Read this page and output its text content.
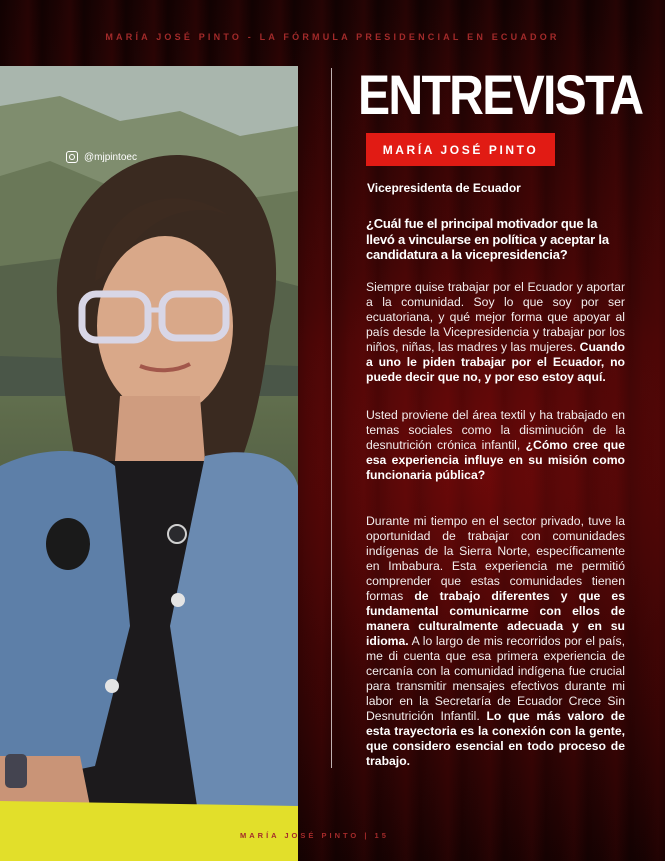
MARÍA JOSÉ PINTO - LA FÓRMULA PRESIDENCIAL EN ECUADOR
@mjpintoec
ENTREVISTA
MARÍA JOSÉ PINTO
Vicepresidenta de Ecuador
¿Cuál fue el principal motivador que la llevó a vincularse en política y aceptar la candidatura a la vicepresidencia?
Siempre quise trabajar por el Ecuador y aportar a la comunidad. Soy lo que soy por ser ecuatoriana, y qué mejor forma que apoyar al país desde la Vicepresidencia y trabajar por los niños, niñas, las madres y las mujeres. Cuando a uno le piden trabajar por el Ecuador, no puede decir que no, y por eso estoy aquí.
Usted proviene del área textil y ha trabajado en temas sociales como la disminución de la desnutrición crónica infantil, ¿Cómo cree que esa experiencia influye en su misión como funcionaria pública?
Durante mi tiempo en el sector privado, tuve la oportunidad de trabajar con comunidades indígenas de la Sierra Norte, específicamente en Imbabura. Esta experiencia me permitió comprender que estas comunidades tienen formas de trabajo diferentes y que es fundamental comunicarme con ellos de manera culturalmente adecuada y en su idioma. A lo largo de mis recorridos por el país, me di cuenta que esa primera experiencia de cercanía con la comunidad indígena fue crucial para transmitir mensajes efectivos durante mi labor en la Secretaría de Ecuador Crece Sin Desnutrición Infantil. Lo que más valoro de esta trayectoria es la conexión con la gente, que considero esencial en todo proceso de trabajo.
MARÍA JOSÉ PINTO | 15
